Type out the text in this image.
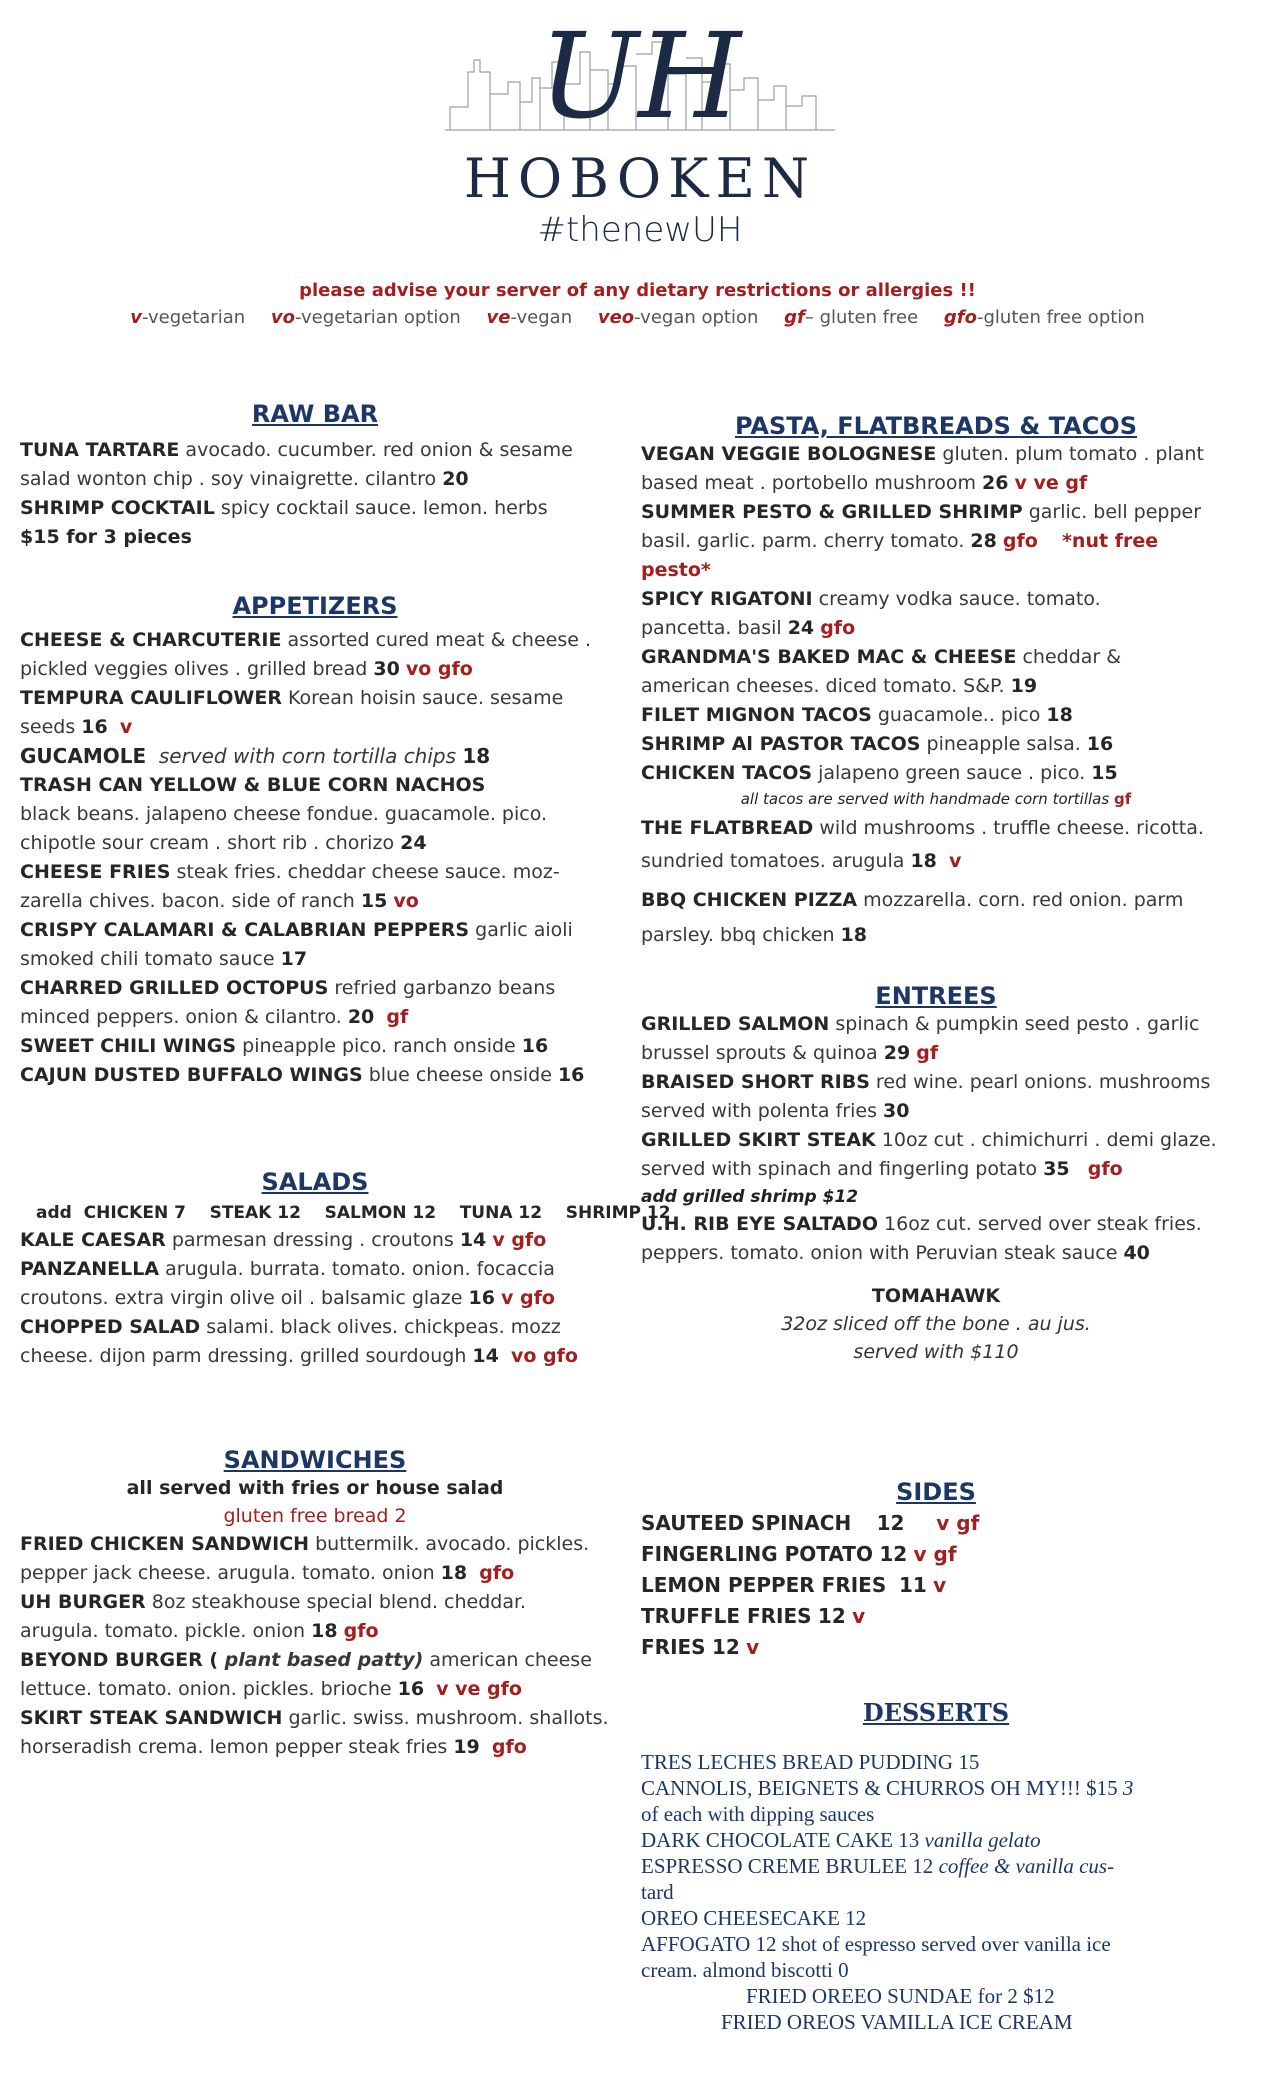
UH
HOBOKEN
#thenewUH
please advise your server of any dietary restrictions or allergies !!
v-vegetarian vo-vegetarian option ve-vegan veo-vegan option gf– gluten free gfo-gluten free option
RAW BAR
TUNA TARTARE avocado. cucumber. red onion & sesame
salad wonton chip . soy vinaigrette. cilantro 20
SHRIMP COCKTAIL spicy cocktail sauce. lemon. herbs
$15 for 3 pieces
APPETIZERS
CHEESE & CHARCUTERIE assorted cured meat & cheese .
pickled veggies olives . grilled bread 30 vo gfo
TEMPURA CAULIFLOWER Korean hoisin sauce. sesame
seeds 16 v
GUCAMOLE served with corn tortilla chips 18
TRASH CAN YELLOW & BLUE CORN NACHOS
black beans. jalapeno cheese fondue. guacamole. pico.
chipotle sour cream . short rib . chorizo 24
CHEESE FRIES steak fries. cheddar cheese sauce. moz-
zarella chives. bacon. side of ranch 15 vo
CRISPY CALAMARI & CALABRIAN PEPPERS garlic aioli
smoked chili tomato sauce 17
CHARRED GRILLED OCTOPUS refried garbanzo beans
minced peppers. onion & cilantro. 20 gf
SWEET CHILI WINGS pineapple pico. ranch onside 16
CAJUN DUSTED BUFFALO WINGS blue cheese onside 16
SALADS
add  CHICKEN 7    STEAK 12    SALMON 12    TUNA 12    SHRIMP 12
KALE CAESAR parmesan dressing . croutons 14 v gfo
PANZANELLA arugula. burrata. tomato. onion. focaccia
croutons. extra virgin olive oil . balsamic glaze 16 v gfo
CHOPPED SALAD salami. black olives. chickpeas. mozz
cheese. dijon parm dressing. grilled sourdough 14 vo gfo
SANDWICHES
all served with fries or house salad
gluten free bread 2
FRIED CHICKEN SANDWICH buttermilk. avocado. pickles.
pepper jack cheese. arugula. tomato. onion 18 gfo
UH BURGER 8oz steakhouse special blend. cheddar.
arugula. tomato. pickle. onion 18 gfo
BEYOND BURGER ( plant based patty) american cheese
lettuce. tomato. onion. pickles. brioche 16 v ve gfo
SKIRT STEAK SANDWICH garlic. swiss. mushroom. shallots.
horseradish crema. lemon pepper steak fries 19 gfo
PASTA, FLATBREADS & TACOS
VEGAN VEGGIE BOLOGNESE gluten. plum tomato . plant
based meat . portobello mushroom 26 v ve gf
SUMMER PESTO & GRILLED SHRIMP garlic. bell pepper
basil. garlic. parm. cherry tomato. 28 gfo *nut free pesto*
SPICY RIGATONI creamy vodka sauce. tomato.
pancetta. basil 24 gfo
GRANDMA'S BAKED MAC & CHEESE cheddar &
american cheeses. diced tomato. S&P. 19
FILET MIGNON TACOS guacamole.. pico 18
SHRIMP Al PASTOR TACOS pineapple salsa. 16
CHICKEN TACOS jalapeno green sauce . pico. 15
all tacos are served with handmade corn tortillas gf
THE FLATBREAD wild mushrooms . truffle cheese. ricotta.
sundried tomatoes. arugula 18 v
BBQ CHICKEN PIZZA mozzarella. corn. red onion. parm
parsley. bbq chicken 18
ENTREES
GRILLED SALMON spinach & pumpkin seed pesto . garlic
brussel sprouts & quinoa 29 gf
BRAISED SHORT RIBS red wine. pearl onions. mushrooms
served with polenta fries 30
GRILLED SKIRT STEAK 10oz cut . chimichurri . demi glaze.
served with spinach and fingerling potato 35 gfo
add grilled shrimp $12
U.H. RIB EYE SALTADO 16oz cut. served over steak fries.
peppers. tomato. onion with Peruvian steak sauce 40
TOMAHAWK
32oz sliced off the bone . au jus.
served with $110
SIDES
SAUTEED SPINACH 12 v gf
FINGERLING POTATO 12 v gf
LEMON PEPPER FRIES 11 v
TRUFFLE FRIES 12 v
FRIES 12 v
DESSERTS
TRES LECHES BREAD PUDDING 15
CANNOLIS, BEIGNETS & CHURROS OH MY!!! $15 3
of each with dipping sauces
DARK CHOCOLATE CAKE 13 vanilla gelato
ESPRESSO CREME BRULEE 12 coffee & vanilla cus-
tard
OREO CHEESECAKE 12
AFFOGATO 12 shot of espresso served over vanilla ice
cream. almond biscotti 0
FRIED OREEO SUNDAE for 2 $12
FRIED OREOS VAMILLA ICE CREAM
